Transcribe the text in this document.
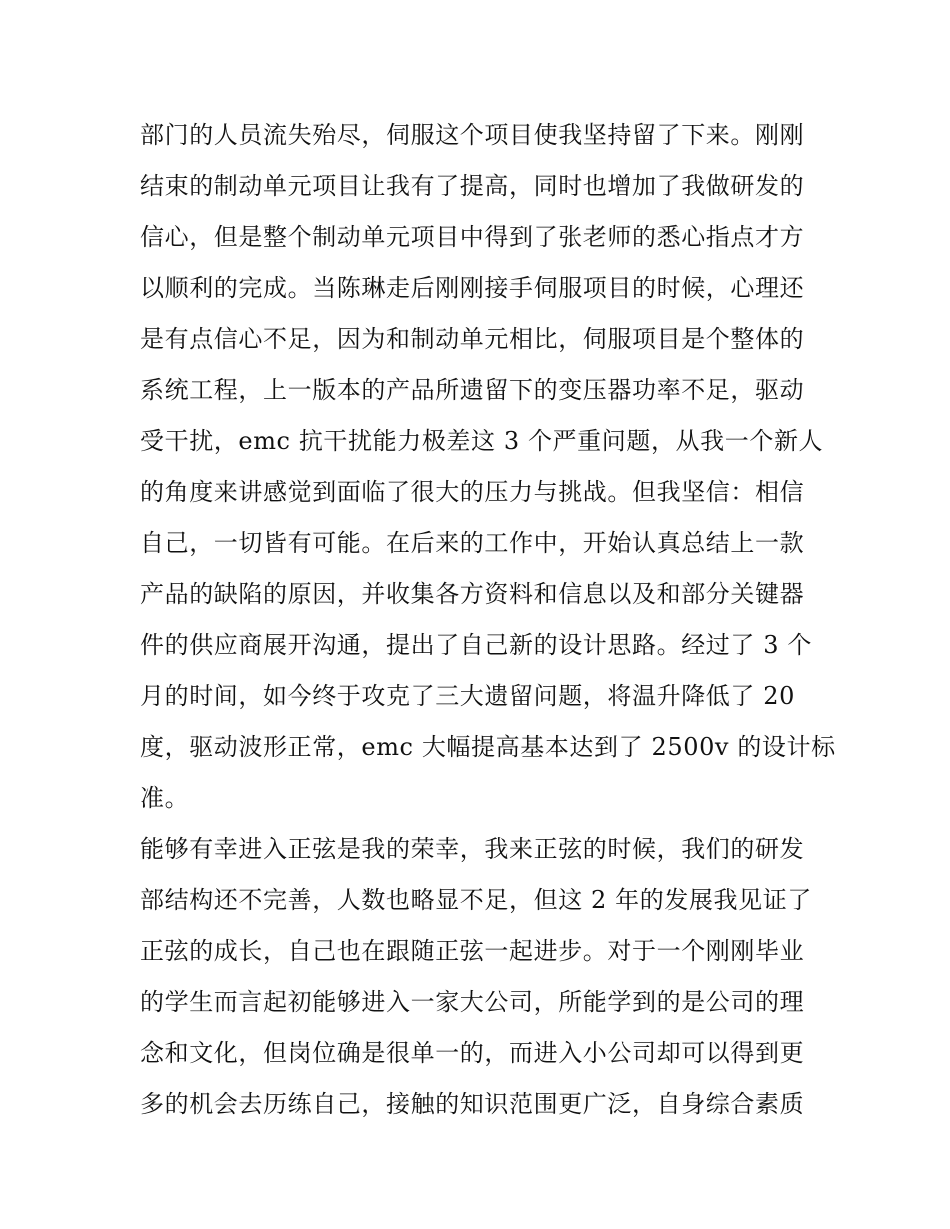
部门的人员流失殆尽，伺服这个项目使我坚持留了下来。刚刚
结束的制动单元项目让我有了提高，同时也增加了我做研发的
信心，但是整个制动单元项目中得到了张老师的悉心指点才方
以顺利的完成。当陈琳走后刚刚接手伺服项目的时候，心理还
是有点信心不足，因为和制动单元相比，伺服项目是个整体的
系统工程，上一版本的产品所遗留下的变压器功率不足，驱动
受干扰，emc 抗干扰能力极差这 3 个严重问题，从我一个新人
的角度来讲感觉到面临了很大的压力与挑战。但我坚信：相信
自己，一切皆有可能。在后来的工作中，开始认真总结上一款
产品的缺陷的原因，并收集各方资料和信息以及和部分关键器
件的供应商展开沟通，提出了自己新的设计思路。经过了 3 个
月的时间，如今终于攻克了三大遗留问题，将温升降低了 20
度，驱动波形正常，emc 大幅提高基本达到了 2500v 的设计标
准。
能够有幸进入正弦是我的荣幸，我来正弦的时候，我们的研发
部结构还不完善，人数也略显不足，但这 2 年的发展我见证了
正弦的成长，自己也在跟随正弦一起进步。对于一个刚刚毕业
的学生而言起初能够进入一家大公司，所能学到的是公司的理
念和文化，但岗位确是很单一的，而进入小公司却可以得到更
多的机会去历练自己，接触的知识范围更广泛，自身综合素质
